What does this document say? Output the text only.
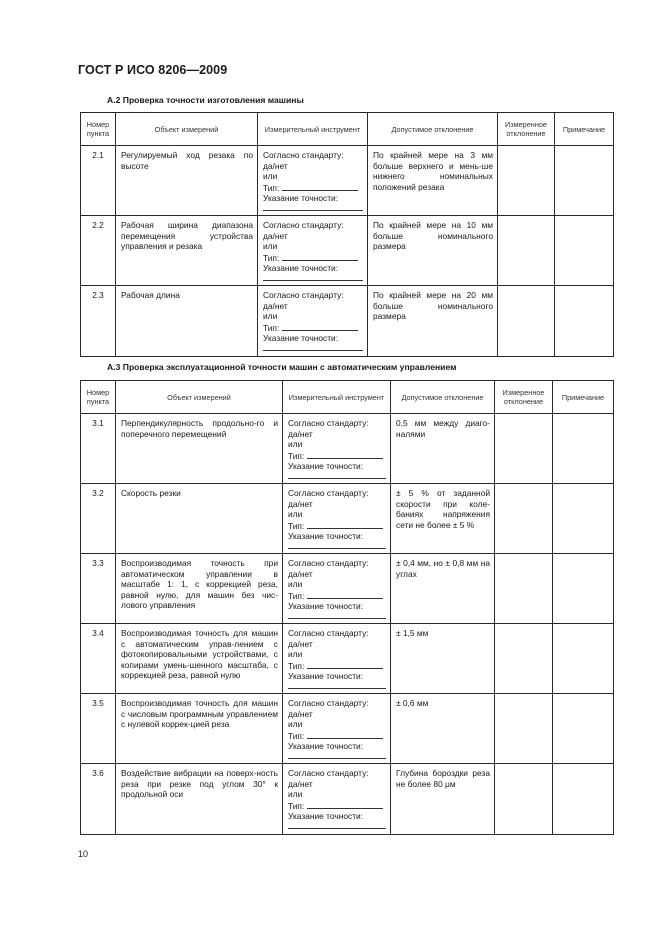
ГОСТ Р ИСО 8206—2009
А.2 Проверка точности изготовления машины
Номер пункта	Объект измерений	Измерительный инструмент	Допустимое отклонение	Измеренное отклонение	Примечание
2.1	Регулируемый ход резака по высоте	Согласно стандарту:
да/нет
или
Тип:
Указание точности:	По крайней мере на 3 мм больше верхнего и мень-ше нижнего номинальных положений резака		
2.2	Рабочая ширина диапазона перемещения устройства управления и резака	Согласно стандарту:
да/нет
или
Тип:
Указание точности:	По крайней мере на 10 мм больше номинального размера		
2.3	Рабочая длина	Согласно стандарту:
да/нет
или
Тип:
Указание точности:	По крайней мере на 20 мм больше номинального размера		
А.3 Проверка эксплуатационной точности машин с автоматическим управлением
Номер пункта	Объект измерений	Измерительный инструмент	Допустимое отклонение	Измеренное отклонение	Примечание
3.1	Перпендикулярность продольно-го и поперечного перемещений	Согласно стандарту:
да/нет
или
Тип:
Указание точности:	0,5 мм между диаго-налями		
3.2	Скорость резки	Согласно стандарту:
да/нет
или
Тип:
Указание точности:	± 5 % от заданной скорости при коле-баниях напряжения сети не более ± 5 %		
3.3	Воспроизводимая точность при автоматическом управлении в масштабе 1: 1, с коррекцией реза, равной нулю, для машин без чис-лового управления	Согласно стандарту:
да/нет
или
Тип:
Указание точности:	± 0,4 мм, но ± 0,8 мм на углах		
3.4	Воспроизводимая точность для машин с автоматическим управ-лением с фотокопировальными устройствами, с копирами умень-шенного масштаба, с коррекцией реза, равной нулю	Согласно стандарту:
да/нет
или
Тип:
Указание точности:	± 1,5 мм		
3.5	Воспроизводимая точность для машин с числовым программным управлением с нулевой коррек-цией реза	Согласно стандарту:
да/нет
или
Тип:
Указание точности:	± 0,6 мм		
3.6	Воздействие вибрации на поверх-ность реза при резке под углом 30° к продольной оси	Согласно стандарту:
да/нет
или
Тип:
Указание точности:	Глубина бороздки реза не более 80 μм		
10
